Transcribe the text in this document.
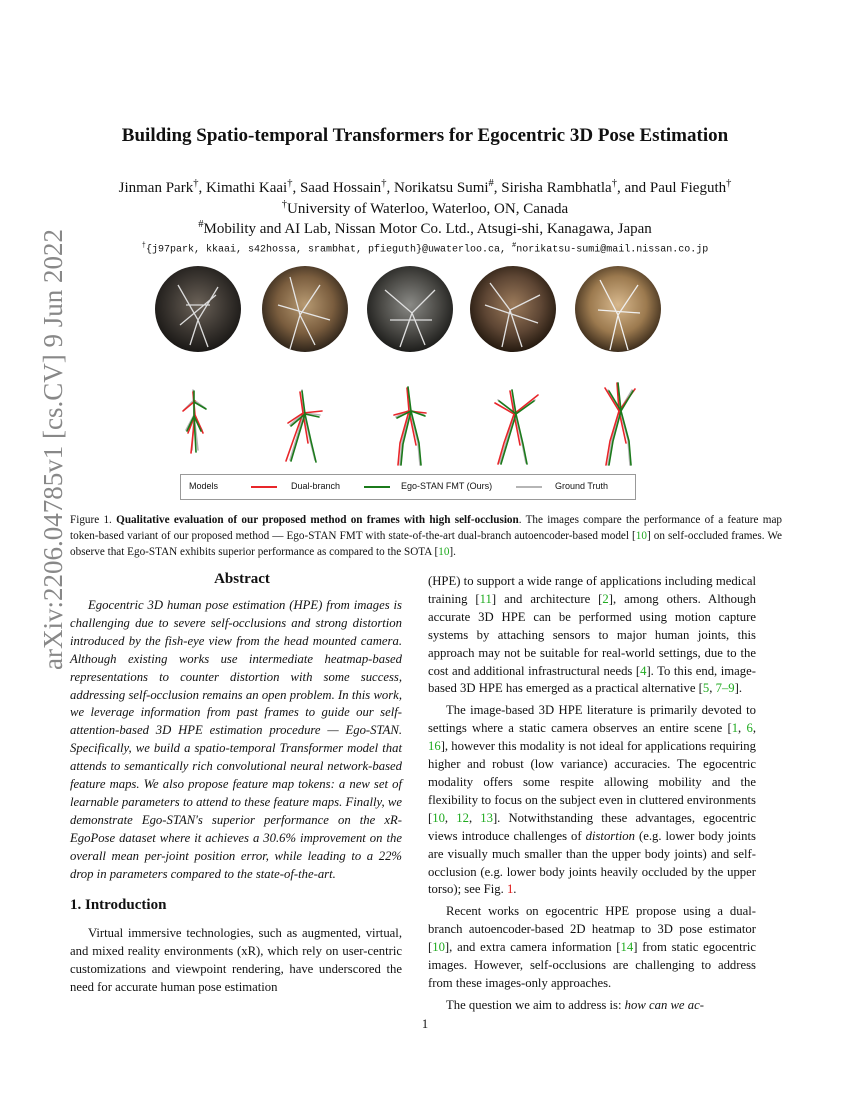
arXiv:2206.04785v1 [cs.CV] 9 Jun 2022
Building Spatio-temporal Transformers for Egocentric 3D Pose Estimation
Jinman Park†, Kimathi Kaai†, Saad Hossain†, Norikatsu Sumi#, Sirisha Rambhatla†, and Paul Fieguth†
†University of Waterloo, Waterloo, ON, Canada
#Mobility and AI Lab, Nissan Motor Co. Ltd., Atsugi-shi, Kanagawa, Japan
†{j97park, kkaai, s42hossa, srambhat, pfieguth}@uwaterloo.ca, #norikatsu-sumi@mail.nissan.co.jp
Models	Dual-branch	Ego-STAN FMT (Ours)	Ground Truth
Figure 1. Qualitative evaluation of our proposed method on frames with high self-occlusion. The images compare the performance of a feature map token-based variant of our proposed method — Ego-STAN FMT with state-of-the-art dual-branch autoencoder-based model [10] on self-occluded frames. We observe that Ego-STAN exhibits superior performance as compared to the SOTA [10].
Abstract

Egocentric 3D human pose estimation (HPE) from images is challenging due to severe self-occlusions and strong distortion introduced by the fish-eye view from the head mounted camera. Although existing works use intermediate heatmap-based representations to counter distortion with some success, addressing self-occlusion remains an open problem. In this work, we leverage information from past frames to guide our self-attention-based 3D HPE estimation procedure — Ego-STAN. Specifically, we build a spatio-temporal Transformer model that attends to semantically rich convolutional neural network-based feature maps. We also propose feature map tokens: a new set of learnable parameters to attend to these feature maps. Finally, we demonstrate Ego-STAN's superior performance on the xR-EgoPose dataset where it achieves a 30.6% improvement on the overall mean per-joint position error, while leading to a 22% drop in parameters compared to the state-of-the-art.

1. Introduction

Virtual immersive technologies, such as augmented, virtual, and mixed reality environments (xR), which rely on user-centric customizations and viewpoint rendering, have underscored the need for accurate human pose estimation

(HPE) to support a wide range of applications including medical training [11] and architecture [2], among others. Although accurate 3D HPE can be performed using motion capture systems by attaching sensors to major human joints, this approach may not be suitable for real-world settings, due to the cost and additional infrastructural needs [4]. To this end, image-based 3D HPE has emerged as a practical alternative [5, 7–9].

The image-based 3D HPE literature is primarily devoted to settings where a static camera observes an entire scene [1, 6, 16], however this modality is not ideal for applications requiring higher and robust (low variance) accuracies. The egocentric modality offers some respite allowing mobility and the flexibility to focus on the subject even in cluttered environments [10, 12, 13]. Notwithstanding these advantages, egocentric views introduce challenges of distortion (e.g. lower body joints are visually much smaller than the upper body joints) and self-occlusion (e.g. lower body joints heavily occluded by the upper torso); see Fig. 1.

Recent works on egocentric HPE propose using a dual-branch autoencoder-based 2D heatmap to 3D pose estimator [10], and extra camera information [14] from static egocentric images. However, self-occlusions are challenging to address from these images-only approaches.

The question we aim to address is: how can we ac-

1
